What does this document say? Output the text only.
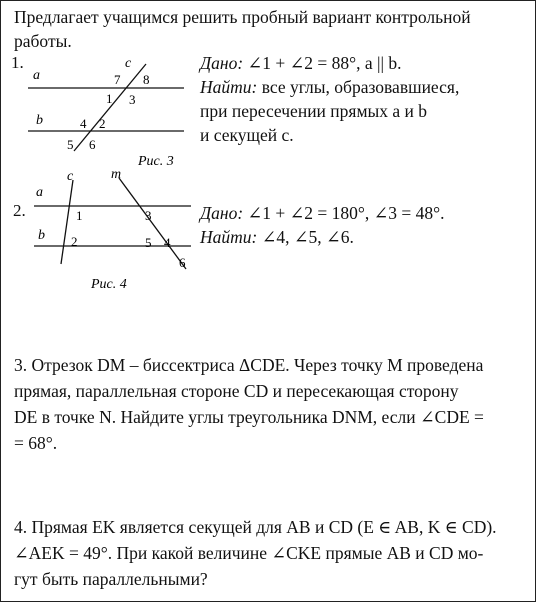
Предлагает учащимся решить пробный вариант контрольной
работы.
1.
a
b
c
7 8
1 3
4 2
5 6
Рис. 3
Дано: ∠1 + ∠2 = 88°, a || b.
Найти: все углы, образовавшиеся,
при пересечении прямых a и b
и секущей c.
2.
a
b
c	m
1
2
3
5 4
6
Рис. 4
Дано: ∠1 + ∠2 = 180°, ∠3 = 48°.
Найти: ∠4, ∠5, ∠6.
3. Отрезок DM – биссектриса ΔCDE. Через точку M проведена
прямая, параллельная стороне CD и пересекающая сторону
DE в точке N. Найдите углы треугольника DNM, если ∠CDE =
= 68°.
4. Прямая EK является секущей для AB и CD (E ∈ AB, K ∈ CD).
∠AEK = 49°. При какой величине ∠CKE прямые AB и CD мо-
гут быть параллельными?
